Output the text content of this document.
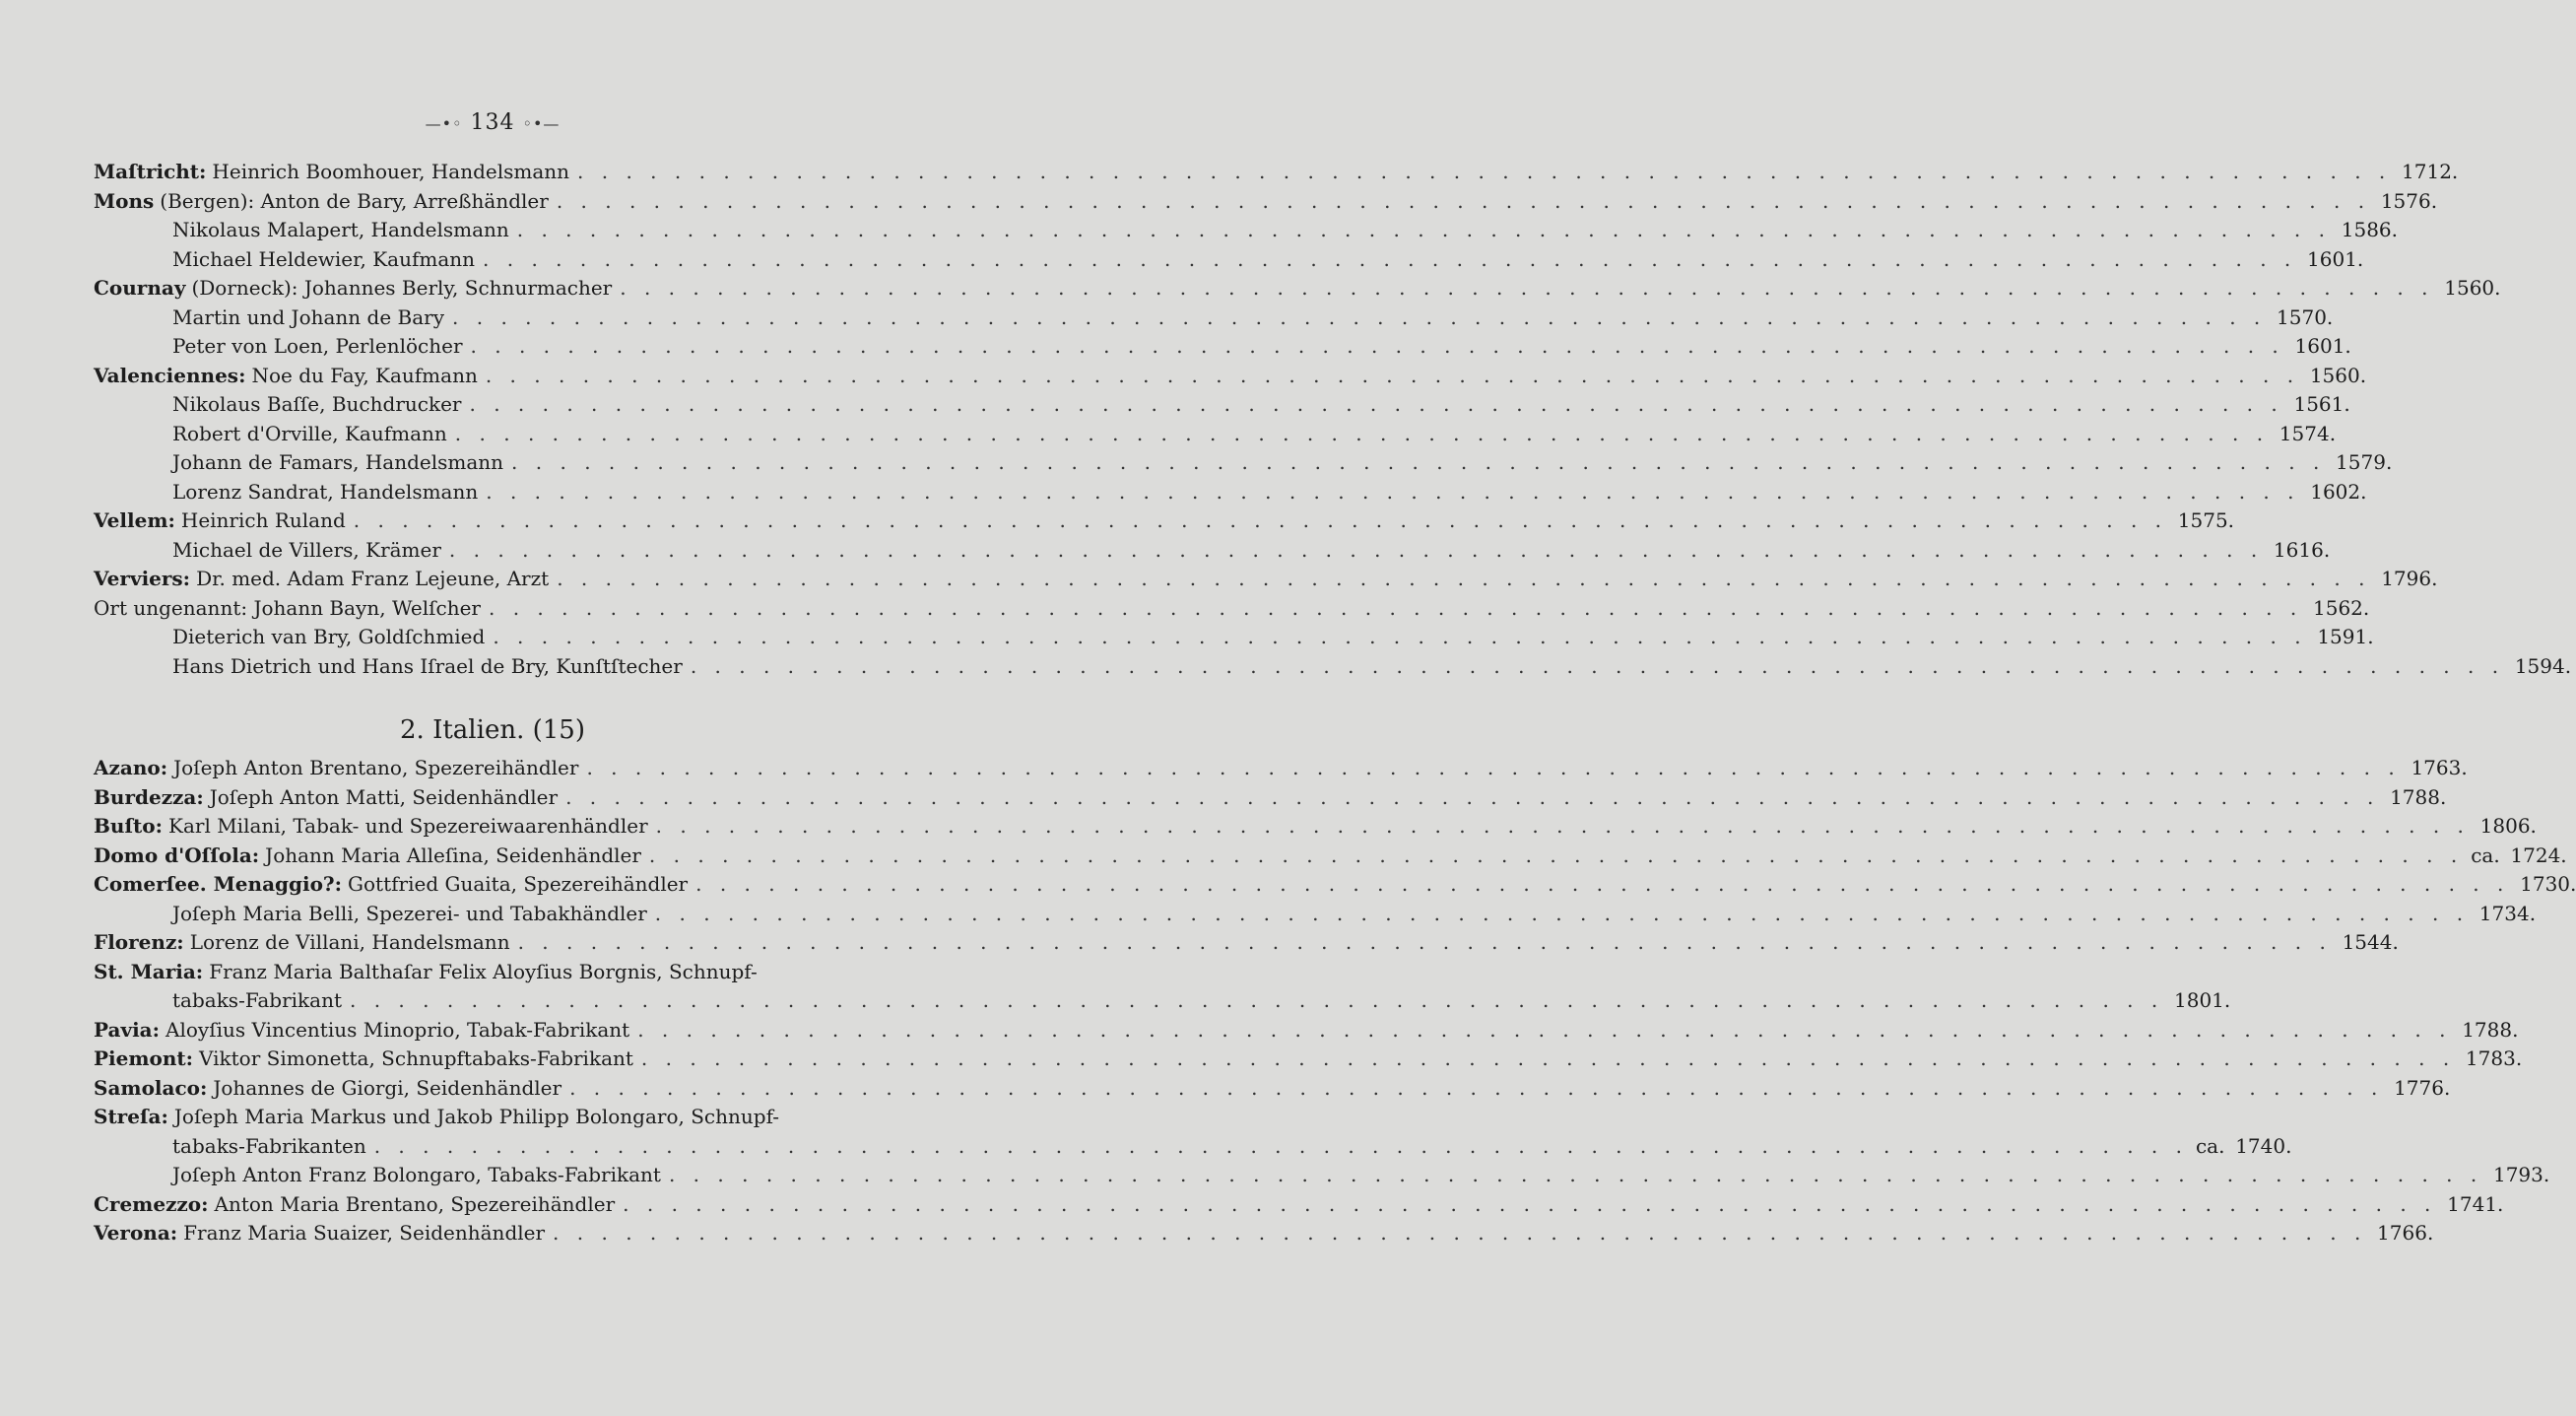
—•◦ 134 ◦•—
Maſtricht: Heinrich Boomhouer, Handelsmann . . .	1712.
Mons (Bergen): Anton de Bary, Arreßhändler . . .	1576.
Nikolaus Malapert, Handelsmann . . .	1586.
Michael Heldewier, Kaufmann . . .	1601.
Cournay (Dorneck): Johannes Berly, Schnurmacher . . .	1560.
Martin und Johann de Bary . . .	1570.
Peter von Loen, Perlenlöcher . . .	1601.
Valenciennes: Noe du Fay, Kaufmann . . .	1560.
Nikolaus Baſſe, Buchdrucker . . .	1561.
Robert d'Orville, Kaufmann . . .	1574.
Johann de Famars, Handelsmann . . .	1579.
Lorenz Sandrat, Handelsmann . . .	1602.
Vellem: Heinrich Ruland . . .	1575.
Michael de Villers, Krämer . . .	1616.
Verviers: Dr. med. Adam Franz Lejeune, Arzt . . .	1796.
Ort ungenannt: Johann Bayn, Welſcher . . .	1562.
Dieterich van Bry, Goldſchmied . . .	1591.
Hans Dietrich und Hans Iſrael de Bry, Kunſtſtecher . . .	1594.
2. Italien. (15)
Azano: Joſeph Anton Brentano, Spezereihändler . . .	1763.
Burdezza: Joſeph Anton Matti, Seidenhändler . . .	1788.
Buſto: Karl Milani, Tabak- und Spezereiwaarenhändler . . .	1806.
Domo d'Oſſola: Johann Maria Alleſina, Seidenhändler . . .	ca. 1724.
Comerſee. Menaggio?: Gottfried Guaita, Spezereihändler . . .	1730.
Joſeph Maria Belli, Spezerei- und Tabakhändler . . .	1734.
Florenz: Lorenz de Villani, Handelsmann . . .	1544.
St. Maria: Franz Maria Balthaſar Felix Aloyſius Borgnis, Schnupf-
tabaks-Fabrikant . . .	1801.
Pavia: Aloyſius Vincentius Minoprio, Tabak-Fabrikant . . .	1788.
Piemont: Viktor Simonetta, Schnupftabaks-Fabrikant . . .	1783.
Samolaco: Johannes de Giorgi, Seidenhändler . . .	1776.
Streſa: Joſeph Maria Markus und Jakob Philipp Bolongaro, Schnupf-
tabaks-Fabrikanten . . .	ca. 1740.
Joſeph Anton Franz Bolongaro, Tabaks-Fabrikant . . .	1793.
Cremezzo: Anton Maria Brentano, Spezereihändler . . .	1741.
Verona: Franz Maria Suaizer, Seidenhändler . . .	1766.
